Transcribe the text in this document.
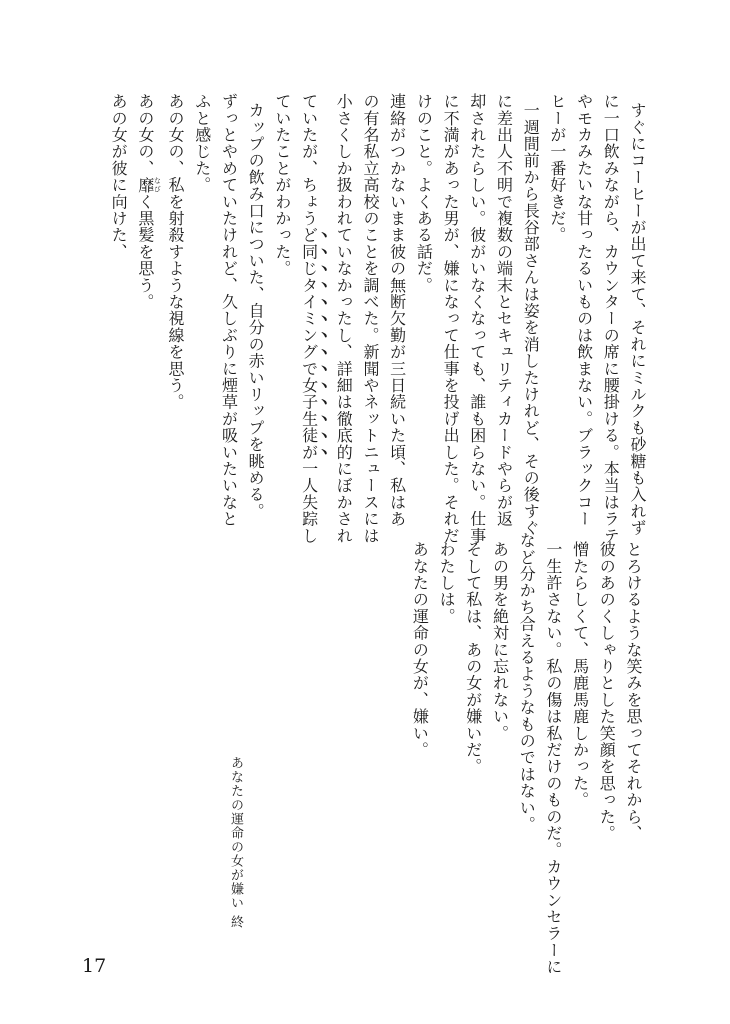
すぐにコーヒーが出て来て、それにミルクも砂糖も入れず
に一口飲みながら、カウンターの席に腰掛ける。本当はラテ
やモカみたいな甘ったるいものは飲まない。ブラックコー
ヒーが一番好きだ。
一週間前から長谷部さんは姿を消したけれど、その後すぐ
に差出人不明で複数の端末とセキュリティカードやらが返
却されたらしい。彼がいなくなっても、誰も困らない。仕事
に不満があった男が、嫌になって仕事を投げ出した。それだ
けのこと。よくある話だ。
連絡がつかないまま彼の無断欠勤が三日続いた頃、私はあ
の有名私立高校のことを調べた。新聞やネットニュースには
小さくしか扱われていなかったし、詳細は徹底的にぼかされ
ていたが、ちょうど同じタイミングで女子生徒が一人失踪し
ていたことがわかった。
カップの飲み口についた、自分の赤いリップを眺める。
ずっとやめていたけれど、久しぶりに煙草が吸いたいなと
ふと感じた。
あの女の、私を射殺すような視線を思う。
あの女の、靡なびく黒髪を思う。
あの女が彼に向けた、
とろけるような笑みを思ってそれから、
彼のあのくしゃりとした笑顔を思った。
憎たらしくて、馬鹿馬鹿しかった。
一生許さない。私の傷は私だけのものだ。カウンセラーに
など分かち合えるようなものではない。
あの男を絶対に忘れない。
そして私は、あの女が嫌いだ。
わたしは。
あなたの運命の女が、嫌い。
あなたの運命の女が嫌い
終
17
